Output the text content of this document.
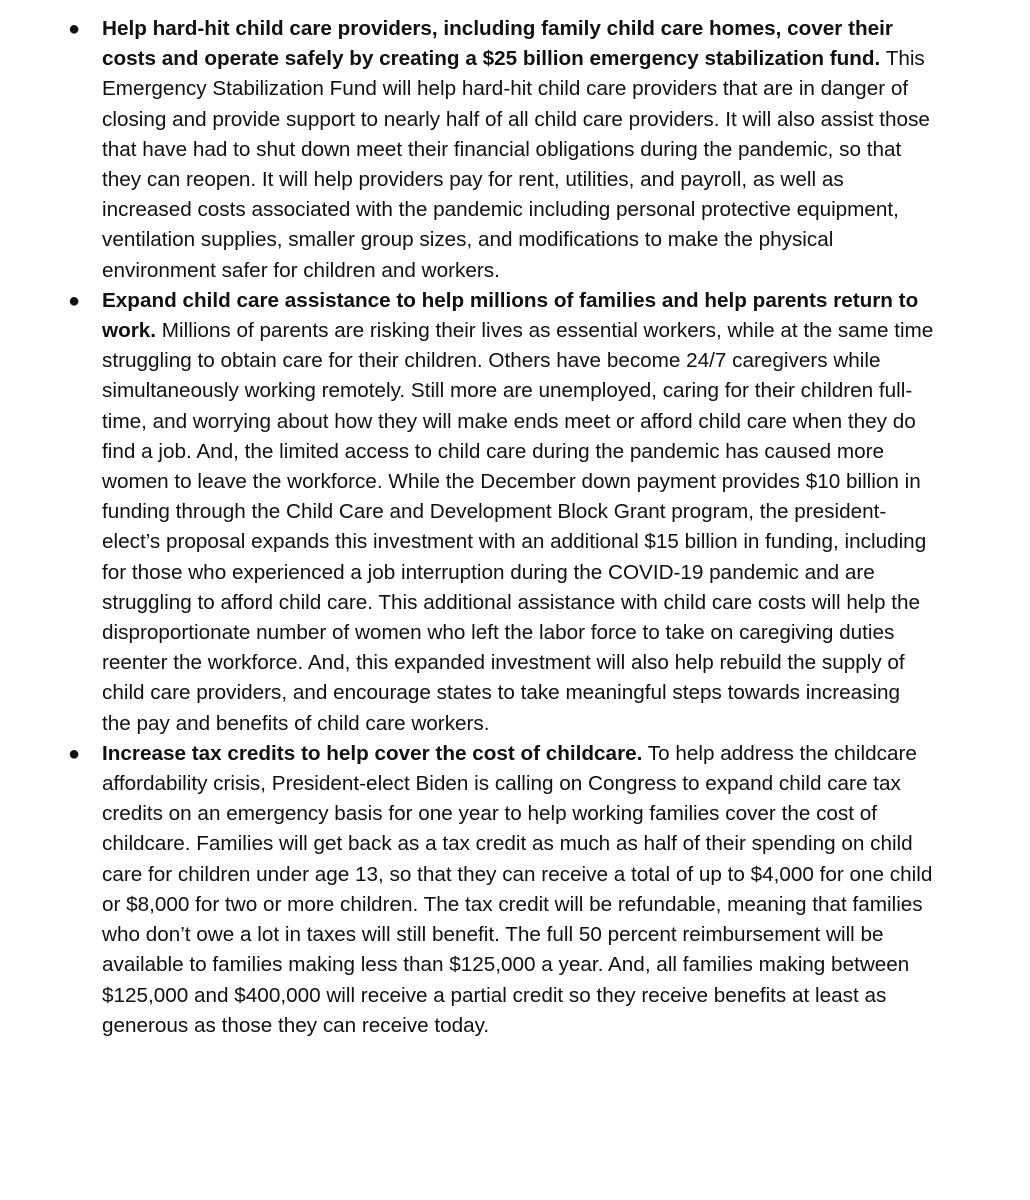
● Help hard-hit child care providers, including family child care homes, cover their costs and operate safely by creating a $25 billion emergency stabilization fund. This Emergency Stabilization Fund will help hard-hit child care providers that are in danger of closing and provide support to nearly half of all child care providers. It will also assist those that have had to shut down meet their financial obligations during the pandemic, so that they can reopen. It will help providers pay for rent, utilities, and payroll, as well as increased costs associated with the pandemic including personal protective equipment, ventilation supplies, smaller group sizes, and modifications to make the physical environment safer for children and workers.
● Expand child care assistance to help millions of families and help parents return to work. Millions of parents are risking their lives as essential workers, while at the same time struggling to obtain care for their children. Others have become 24/7 caregivers while simultaneously working remotely. Still more are unemployed, caring for their children full-time, and worrying about how they will make ends meet or afford child care when they do find a job. And, the limited access to child care during the pandemic has caused more women to leave the workforce. While the December down payment provides $10 billion in funding through the Child Care and Development Block Grant program, the president-elect’s proposal expands this investment with an additional $15 billion in funding, including for those who experienced a job interruption during the COVID-19 pandemic and are struggling to afford child care. This additional assistance with child care costs will help the disproportionate number of women who left the labor force to take on caregiving duties reenter the workforce. And, this expanded investment will also help rebuild the supply of child care providers, and encourage states to take meaningful steps towards increasing the pay and benefits of child care workers.
● Increase tax credits to help cover the cost of childcare. To help address the childcare affordability crisis, President-elect Biden is calling on Congress to expand child care tax credits on an emergency basis for one year to help working families cover the cost of childcare. Families will get back as a tax credit as much as half of their spending on child care for children under age 13, so that they can receive a total of up to $4,000 for one child or $8,000 for two or more children. The tax credit will be refundable, meaning that families who don’t owe a lot in taxes will still benefit. The full 50 percent reimbursement will be available to families making less than $125,000 a year. And, all families making between $125,000 and $400,000 will receive a partial credit so they receive benefits at least as generous as those they can receive today.
